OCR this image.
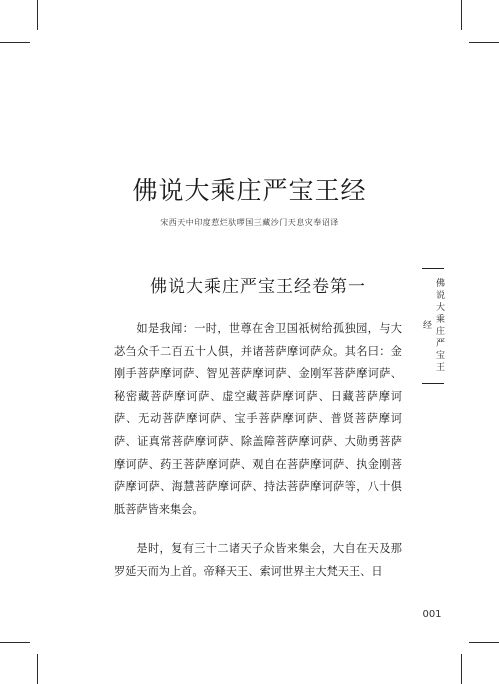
佛说大乘庄严宝王经
宋西天中印度惹烂驮啰国三藏沙门天息灾奉诏译
佛说大乘庄严宝王经卷第一

如是我闻：一时，世尊在舍卫国祇树给孤独园，与大苾刍众千二百五十人俱，并诸菩萨摩诃萨众。其名曰：金刚手菩萨摩诃萨、智见菩萨摩诃萨、金刚军菩萨摩诃萨、秘密藏菩萨摩诃萨、虚空藏菩萨摩诃萨、日藏菩萨摩诃萨、无动菩萨摩诃萨、宝手菩萨摩诃萨、普贤菩萨摩诃萨、证真常菩萨摩诃萨、除盖障菩萨摩诃萨、大勋勇菩萨摩诃萨、药王菩萨摩诃萨、观自在菩萨摩诃萨、执金刚菩萨摩诃萨、海慧菩萨摩诃萨、持法菩萨摩诃萨等，八十俱胝菩萨皆来集会。

是时，复有三十二诸天子众皆来集会，大自在天及那罗延天而为上首。帝释天王、索诃世界主大梵天王、日

佛说大乘庄严宝王经
001
